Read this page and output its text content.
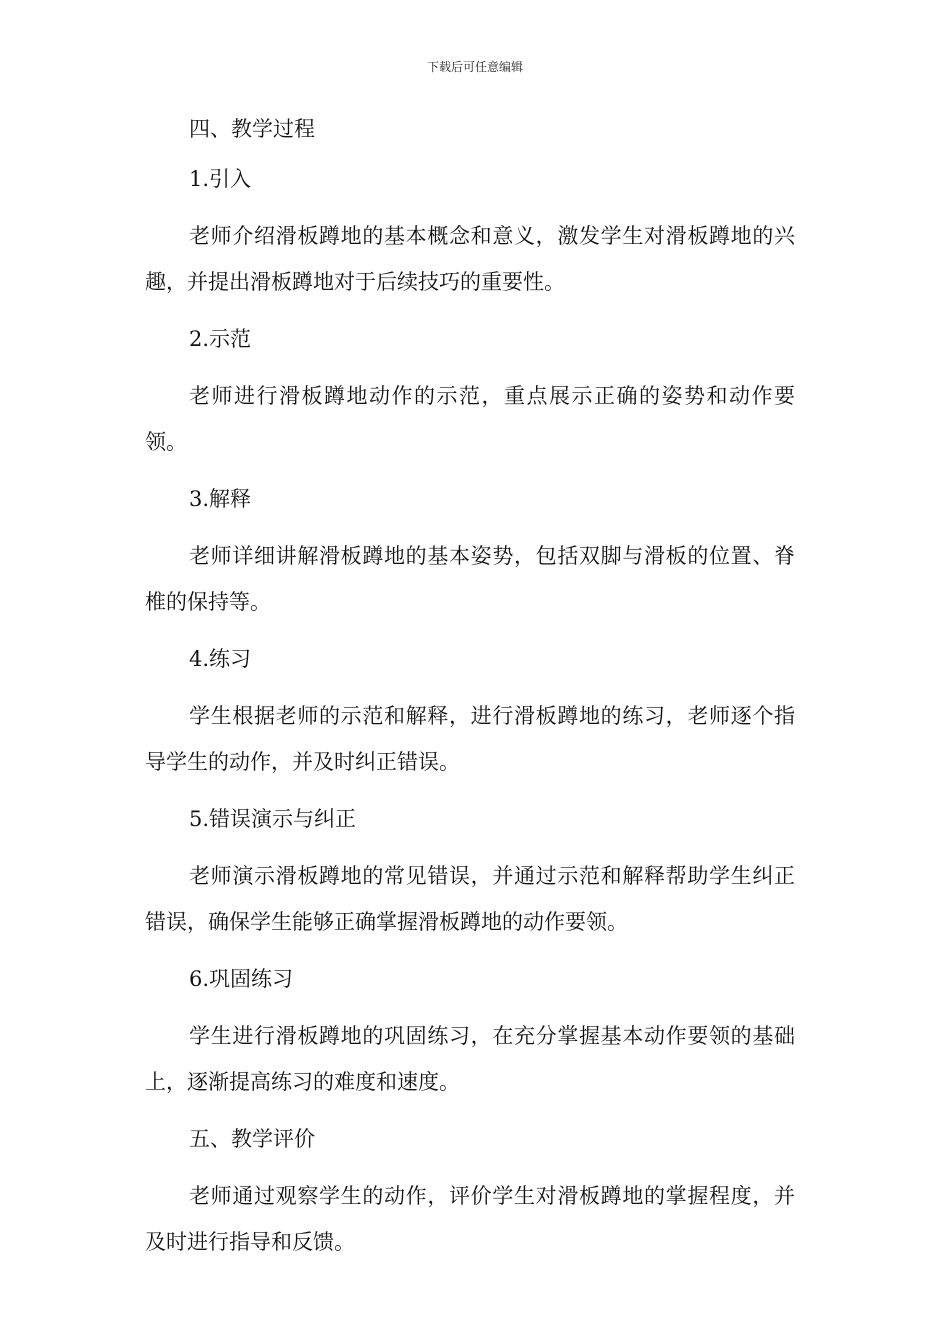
下载后可任意编辑

四、教学过程

1.引入

老师介绍滑板蹲地的基本概念和意义，激发学生对滑板蹲地的兴趣，并提出滑板蹲地对于后续技巧的重要性。

2.示范

老师进行滑板蹲地动作的示范，重点展示正确的姿势和动作要领。

3.解释

老师详细讲解滑板蹲地的基本姿势，包括双脚与滑板的位置、脊椎的保持等。

4.练习

学生根据老师的示范和解释，进行滑板蹲地的练习，老师逐个指导学生的动作，并及时纠正错误。

5.错误演示与纠正

老师演示滑板蹲地的常见错误，并通过示范和解释帮助学生纠正错误，确保学生能够正确掌握滑板蹲地的动作要领。

6.巩固练习

学生进行滑板蹲地的巩固练习，在充分掌握基本动作要领的基础上，逐渐提高练习的难度和速度。

五、教学评价

老师通过观察学生的动作，评价学生对滑板蹲地的掌握程度，并及时进行指导和反馈。
